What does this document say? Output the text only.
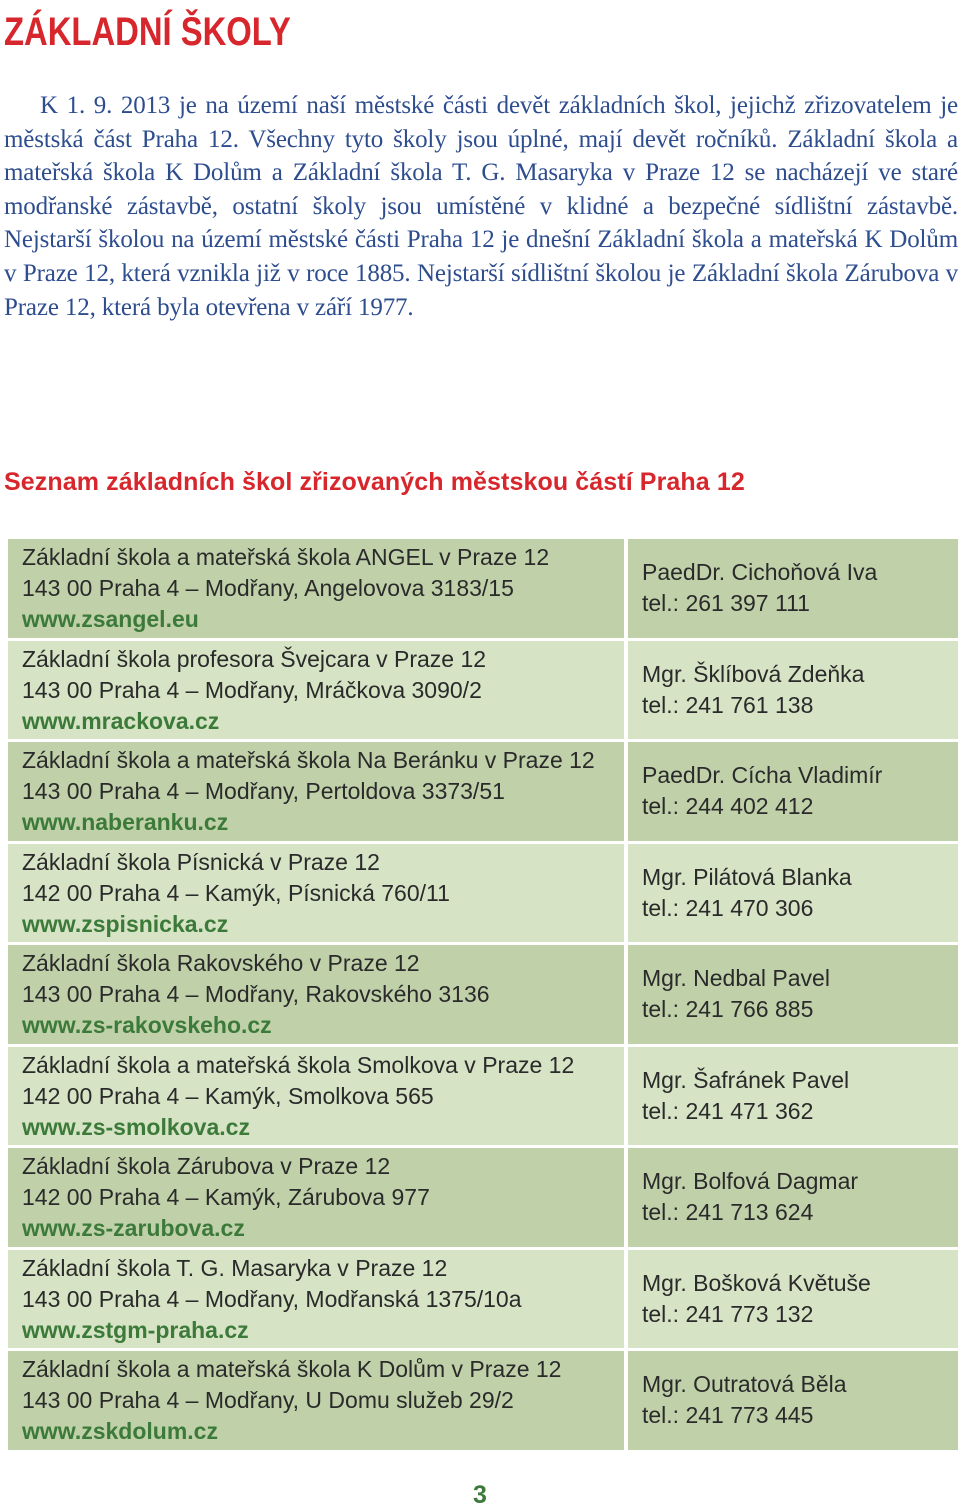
ZÁKLADNÍ ŠKOLY

K 1. 9. 2013 je na území naší městské části devět základních škol, jejichž zřizovatelem je městská část Praha 12. Všechny tyto školy jsou úplné, mají devět ročníků. Základní škola a mateřská škola K Dolům a Základní škola T. G. Masaryka v Praze 12 se nacházejí ve staré modřanské zástavbě, ostatní školy jsou umístěné v klidné a bezpečné sídlištní zástavbě. Nejstarší školou na území městské části Praha 12 je dnešní Základní škola a mateřská K Dolům v Praze 12, která vznikla již v roce 1885. Nejstarší sídlištní školou je Základní škola Zárubova v Praze 12, která byla otevřena v září 1977.

Seznam základních škol zřizovaných městskou částí Praha 12
Základní škola a mateřská škola ANGEL v Praze 12
143 00 Praha 4 – Modřany, Angelovova 3183/15
www.zsangel.eu
PaedDr. Cichoňová Iva
tel.: 261 397 111
Základní škola profesora Švejcara v Praze 12
143 00 Praha 4 – Modřany, Mráčkova 3090/2
www.mrackova.cz
Mgr. Šklíbová Zdeňka
tel.: 241 761 138
Základní škola a mateřská škola Na Beránku v Praze 12
143 00 Praha 4 – Modřany, Pertoldova 3373/51
www.naberanku.cz
PaedDr. Cícha Vladimír
tel.: 244 402 412
Základní škola Písnická v Praze 12
142 00 Praha 4 – Kamýk, Písnická 760/11
www.zspisnicka.cz
Mgr. Pilátová Blanka
tel.: 241 470 306
Základní škola Rakovského v Praze 12
143 00 Praha 4 – Modřany, Rakovského 3136
www.zs-rakovskeho.cz
Mgr. Nedbal Pavel
tel.: 241 766 885
Základní škola a mateřská škola Smolkova v Praze 12
142 00 Praha 4 – Kamýk, Smolkova 565
www.zs-smolkova.cz
Mgr. Šafránek Pavel
tel.: 241 471 362
Základní škola Zárubova v Praze 12
142 00 Praha 4 – Kamýk, Zárubova 977
www.zs-zarubova.cz
Mgr. Bolfová Dagmar
tel.: 241 713 624
Základní škola T. G. Masaryka v Praze 12
143 00 Praha 4 – Modřany, Modřanská 1375/10a
www.zstgm-praha.cz
Mgr. Bošková Květuše
tel.: 241 773 132
Základní škola a mateřská škola K Dolům v Praze 12
143 00 Praha 4 – Modřany, U Domu služeb 29/2
www.zskdolum.cz
Mgr. Outratová Běla
tel.: 241 773 445
3
